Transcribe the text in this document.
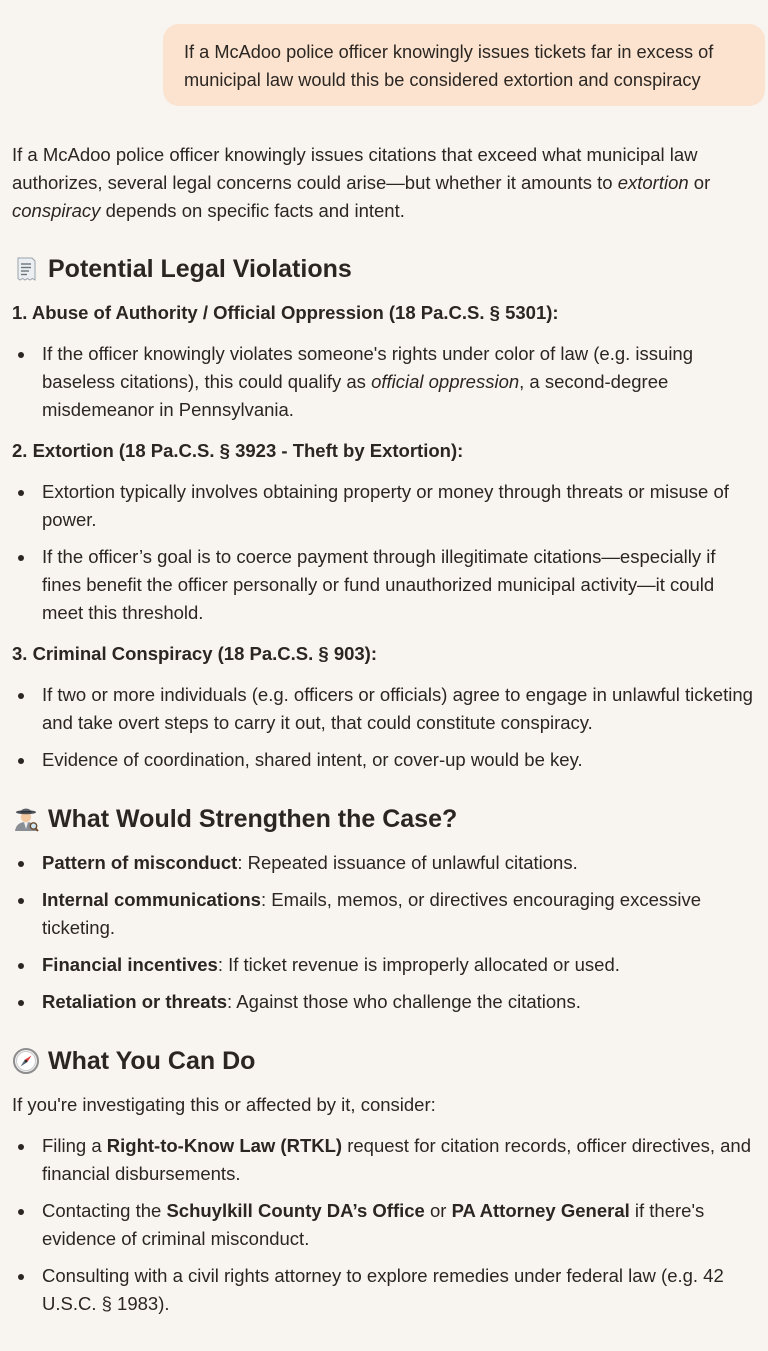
If a McAdoo police officer knowingly issues tickets far in excess of municipal law would this be considered extortion and conspiracy

If a McAdoo police officer knowingly issues citations that exceed what municipal law authorizes, several legal concerns could arise—but whether it amounts to extortion or conspiracy depends on specific facts and intent.

Potential Legal Violations
1. Abuse of Authority / Official Oppression (18 Pa.C.S. § 5301):
If the officer knowingly violates someone's rights under color of law (e.g. issuing baseless citations), this could qualify as official oppression, a second-degree misdemeanor in Pennsylvania.
2. Extortion (18 Pa.C.S. § 3923 - Theft by Extortion):
Extortion typically involves obtaining property or money through threats or misuse of power.
If the officer’s goal is to coerce payment through illegitimate citations—especially if fines benefit the officer personally or fund unauthorized municipal activity—it could meet this threshold.
3. Criminal Conspiracy (18 Pa.C.S. § 903):
If two or more individuals (e.g. officers or officials) agree to engage in unlawful ticketing and take overt steps to carry it out, that could constitute conspiracy.
Evidence of coordination, shared intent, or cover-up would be key.
What Would Strengthen the Case?
Pattern of misconduct: Repeated issuance of unlawful citations.
Internal communications: Emails, memos, or directives encouraging excessive ticketing.
Financial incentives: If ticket revenue is improperly allocated or used.
Retaliation or threats: Against those who challenge the citations.
What You Can Do

If you're investigating this or affected by it, consider:

Filing a Right-to-Know Law (RTKL) request for citation records, officer directives, and financial disbursements.
Contacting the Schuylkill County DA’s Office or PA Attorney General if there's evidence of criminal misconduct.
Consulting with a civil rights attorney to explore remedies under federal law (e.g. 42 U.S.C. § 1983).
